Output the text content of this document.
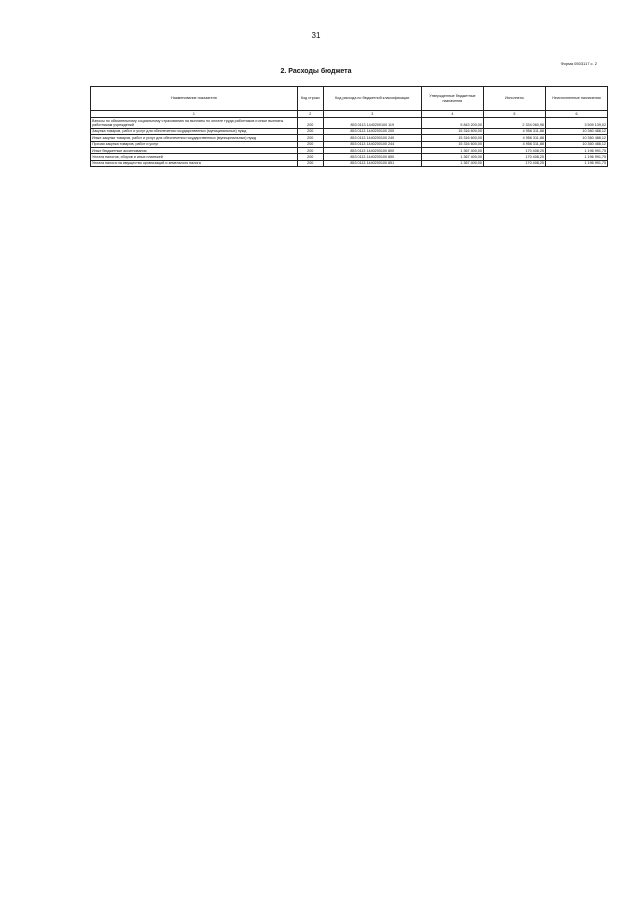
31
Форма 0503117 с. 2
2. Расходы бюджета
Наименование показателя	Код строки	Код расхода по бюджетной классификации	Утвержденные бюджетные назначения	Исполнено	Неисполненные назначения
1	2	3	4	5	6
Взносы по обязательному социальному страхованию на выплаты по оплате труда работников и иные выплаты работникам учреждений	200	853 0113 1440200100 119	5 843 200,00	2 334 060,98	3 509 139,02
Закупка товаров, работ и услуг для обеспечения государственных (муниципальных) нужд	200	853 0113 1440200100 200	15 316 600,00	4 956 311,88	10 360 488,12
Иные закупки товаров, работ и услуг для обеспечения государственных (муниципальных) нужд	200	853 0113 1440200100 240	15 316 600,00	4 956 311,88	10 360 488,12
Прочая закупка товаров, работ и услуг	200	853 0113 1440200100 244	15 316 600,00	4 956 311,88	10 360 488,12
Иные бюджетные ассигнования	200	853 0113 1440200100 800	1 367 400,00	170 408,25	1 196 991,75
Уплата налогов, сборов и иных платежей	200	853 0113 1440200100 850	1 367 400,00	170 408,25	1 196 991,75
Уплата налога на имущество организаций и земельного налога	200	853 0113 1440200100 851	1 367 400,00	170 408,25	1 196 991,75
